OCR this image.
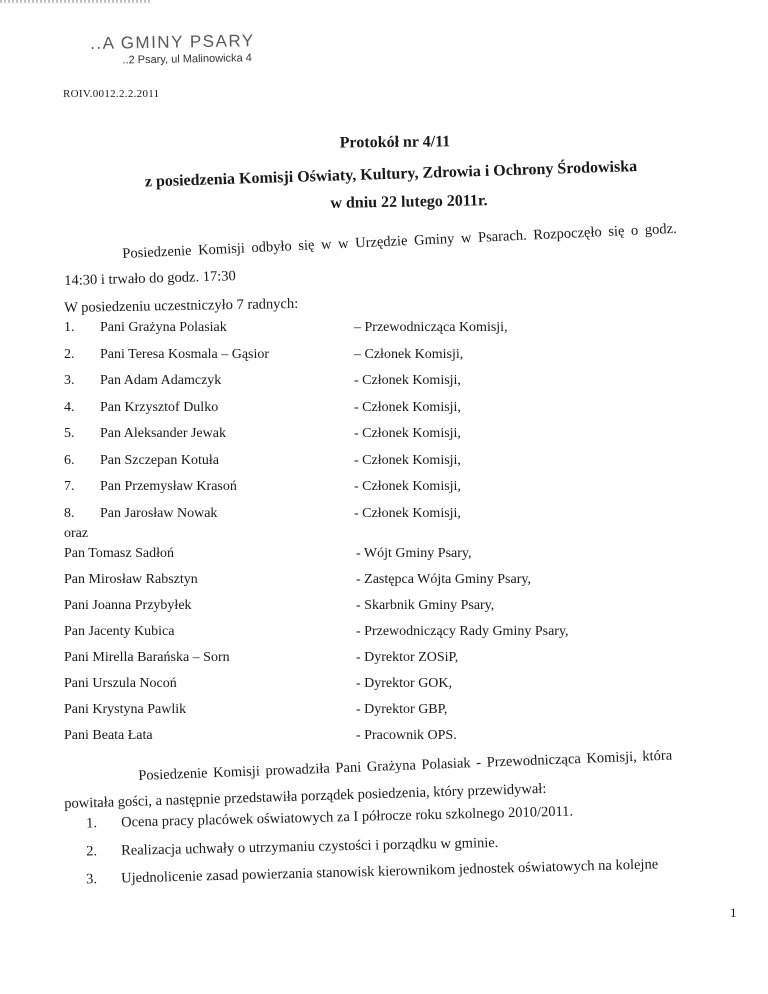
..A GMINY PSARY
..2 Psary, ul Malinowicka 4
ROIV.0012.2.2.2011
Protokół nr 4/11
z posiedzenia Komisji Oświaty, Kultury, Zdrowia i Ochrony Środowiska
w dniu 22 lutego 2011r.
Posiedzenie Komisji odbyło się w w Urzędzie Gminy w Psarach. Rozpoczęło się o godz.
14:30 i trwało do godz. 17:30
W posiedzeniu uczestniczyło 7 radnych:
1.	Pani Grażyna Polasiak	– Przewodnicząca Komisji,
2.	Pani Teresa Kosmala – Gąsior	– Członek Komisji,
3.	Pan Adam Adamczyk	- Członek Komisji,
4.	Pan Krzysztof Dulko	- Członek Komisji,
5.	Pan Aleksander Jewak	- Członek Komisji,
6.	Pan Szczepan Kotuła	- Członek Komisji,
7.	Pan Przemysław Krasoń	- Członek Komisji,
8.	Pan Jarosław Nowak	- Członek Komisji,
oraz
Pan Tomasz Sadłoń	- Wójt Gminy Psary,
Pan Mirosław Rabsztyn	- Zastępca Wójta Gminy Psary,
Pani Joanna Przybyłek	- Skarbnik Gminy Psary,
Pan Jacenty Kubica	- Przewodniczący Rady Gminy Psary,
Pani Mirella Barańska – Sorn	- Dyrektor ZOSiP,
Pani Urszula Nocoń	- Dyrektor GOK,
Pani Krystyna Pawlik	- Dyrektor GBP,
Pani Beata Łata	- Pracownik OPS.
Posiedzenie Komisji prowadziła Pani Grażyna Polasiak - Przewodnicząca Komisji, która
powitała gości, a następnie przedstawiła porządek posiedzenia, który przewidywał:
1. Ocena pracy placówek oświatowych za I półrocze roku szkolnego 2010/2011.
2. Realizacja uchwały o utrzymaniu czystości i porządku w gminie.
3. Ujednolicenie zasad powierzania stanowisk kierownikom jednostek oświatowych na kolejne
1
